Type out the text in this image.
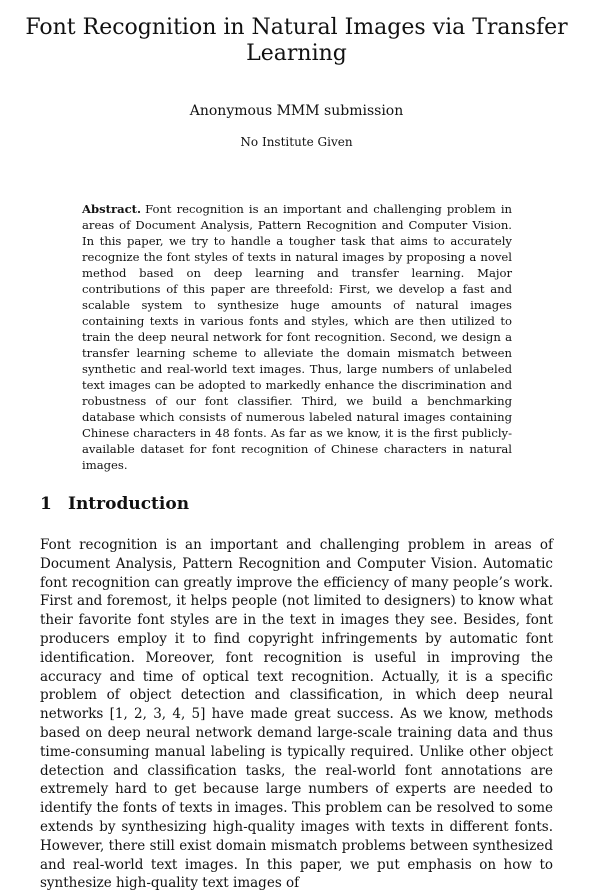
Font Recognition in Natural Images via Transfer Learning
Anonymous MMM submission
No Institute Given
Abstract. Font recognition is an important and challenging problem in areas of Document Analysis, Pattern Recognition and Computer Vision. In this paper, we try to handle a tougher task that aims to accurately recognize the font styles of texts in natural images by proposing a novel method based on deep learning and transfer learning. Major contributions of this paper are threefold: First, we develop a fast and scalable system to synthesize huge amounts of natural images containing texts in various fonts and styles, which are then utilized to train the deep neural network for font recognition. Second, we design a transfer learning scheme to alleviate the domain mismatch between synthetic and real-world text images. Thus, large numbers of unlabeled text images can be adopted to markedly enhance the discrimination and robustness of our font classifier. Third, we build a benchmarking database which consists of numerous labeled natural images containing Chinese characters in 48 fonts. As far as we know, it is the first publicly-available dataset for font recognition of Chinese characters in natural images.
1 Introduction
Font recognition is an important and challenging problem in areas of Document Analysis, Pattern Recognition and Computer Vision. Automatic font recognition can greatly improve the efficiency of many people’s work. First and foremost, it helps people (not limited to designers) to know what their favorite font styles are in the text in images they see. Besides, font producers employ it to find copyright infringements by automatic font identification. Moreover, font recognition is useful in improving the accuracy and time of optical text recognition. Actually, it is a specific problem of object detection and classification, in which deep neural networks [1, 2, 3, 4, 5] have made great success. As we know, methods based on deep neural network demand large-scale training data and thus time-consuming manual labeling is typically required. Unlike other object detection and classification tasks, the real-world font annotations are extremely hard to get because large numbers of experts are needed to identify the fonts of texts in images. This problem can be resolved to some extends by synthesizing high-quality images with texts in different fonts. However, there still exist domain mismatch problems between synthesized and real-world text images. In this paper, we put emphasis on how to synthesize high-quality text images of
